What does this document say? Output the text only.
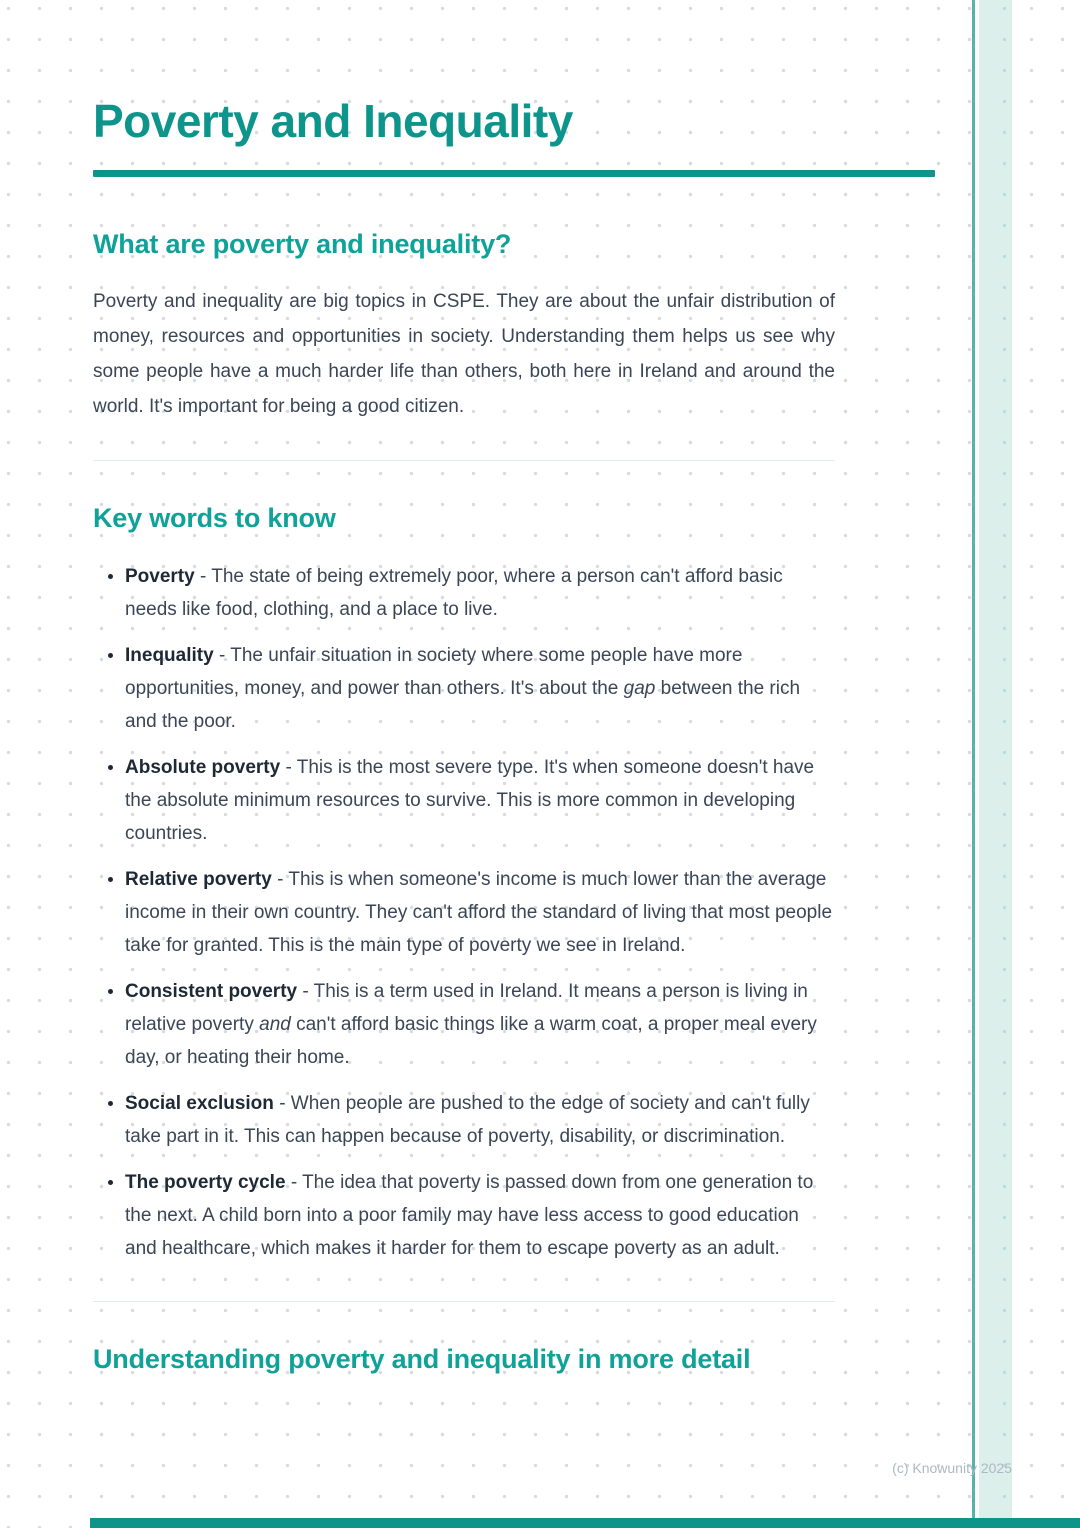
Poverty and Inequality
What are poverty and inequality?

Poverty and inequality are big topics in CSPE. They are about the unfair distribution of money, resources and opportunities in society. Understanding them helps us see why some people have a much harder life than others, both here in Ireland and around the world. It's important for being a good citizen.

Key words to know
• Poverty - The state of being extremely poor, where a person can't afford basic needs like food, clothing, and a place to live.
• Inequality - The unfair situation in society where some people have more opportunities, money, and power than others. It's about the gap between the rich and the poor.
• Absolute poverty - This is the most severe type. It's when someone doesn't have the absolute minimum resources to survive. This is more common in developing countries.
• Relative poverty - This is when someone's income is much lower than the average income in their own country. They can't afford the standard of living that most people take for granted. This is the main type of poverty we see in Ireland.
• Consistent poverty - This is a term used in Ireland. It means a person is living in relative poverty and can't afford basic things like a warm coat, a proper meal every day, or heating their home.
• Social exclusion - When people are pushed to the edge of society and can't fully take part in it. This can happen because of poverty, disability, or discrimination.
• The poverty cycle - The idea that poverty is passed down from one generation to the next. A child born into a poor family may have less access to good education and healthcare, which makes it harder for them to escape poverty as an adult.
Understanding poverty and inequality in more detail
(c) Knowunity 2025
